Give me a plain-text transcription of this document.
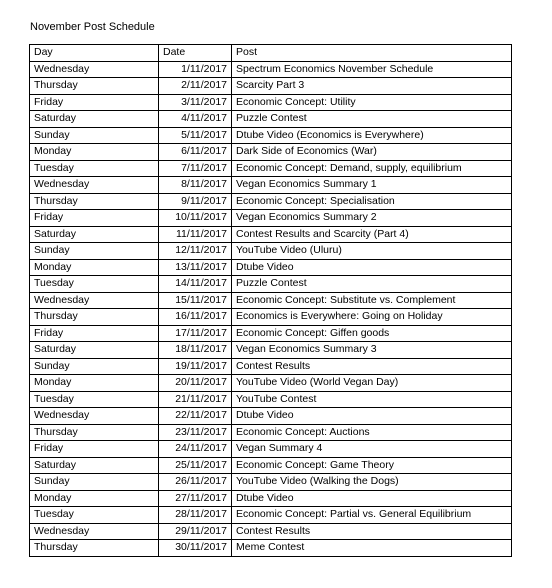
November Post Schedule
Day	Date	Post
Wednesday	1/11/2017	Spectrum Economics November Schedule
Thursday	2/11/2017	Scarcity Part 3
Friday	3/11/2017	Economic Concept: Utility
Saturday	4/11/2017	Puzzle Contest
Sunday	5/11/2017	Dtube Video (Economics is Everywhere)
Monday	6/11/2017	Dark Side of Economics (War)
Tuesday	7/11/2017	Economic Concept: Demand, supply, equilibrium
Wednesday	8/11/2017	Vegan Economics Summary 1
Thursday	9/11/2017	Economic Concept: Specialisation
Friday	10/11/2017	Vegan Economics Summary 2
Saturday	11/11/2017	Contest Results and Scarcity (Part 4)
Sunday	12/11/2017	YouTube Video (Uluru)
Monday	13/11/2017	Dtube Video
Tuesday	14/11/2017	Puzzle Contest
Wednesday	15/11/2017	Economic Concept: Substitute vs. Complement
Thursday	16/11/2017	Economics is Everywhere: Going on Holiday
Friday	17/11/2017	Economic Concept: Giffen goods
Saturday	18/11/2017	Vegan Economics Summary 3
Sunday	19/11/2017	Contest Results
Monday	20/11/2017	YouTube Video (World Vegan Day)
Tuesday	21/11/2017	YouTube Contest
Wednesday	22/11/2017	Dtube Video
Thursday	23/11/2017	Economic Concept: Auctions
Friday	24/11/2017	Vegan Summary 4
Saturday	25/11/2017	Economic Concept: Game Theory
Sunday	26/11/2017	YouTube Video (Walking the Dogs)
Monday	27/11/2017	Dtube Video
Tuesday	28/11/2017	Economic Concept: Partial vs. General Equilibrium
Wednesday	29/11/2017	Contest Results
Thursday	30/11/2017	Meme Contest
